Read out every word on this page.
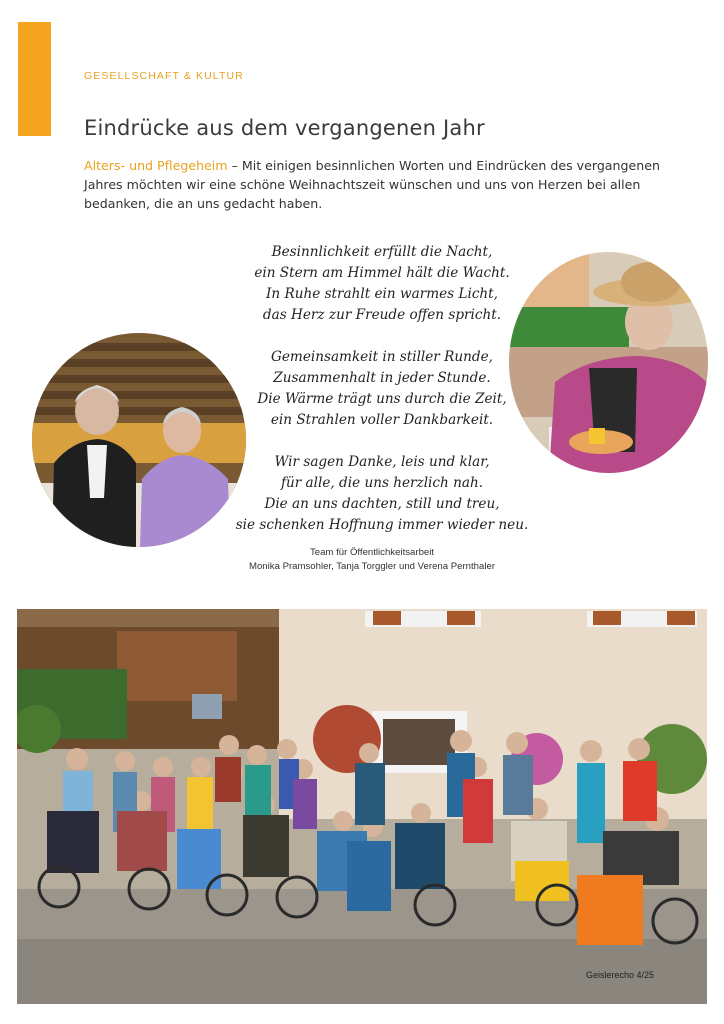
GESELLSCHAFT & KULTUR
Eindrücke aus dem vergangenen Jahr
Alters- und Pflegeheim – Mit einigen besinnlichen Worten und Eindrücken des vergangenen Jahres möchten wir eine schöne Weihnachtszeit wünschen und uns von Herzen bei allen bedanken, die an uns gedacht haben.
Besinnlichkeit erfüllt die Nacht,
ein Stern am Himmel hält die Wacht.
In Ruhe strahlt ein warmes Licht,
das Herz zur Freude offen spricht.
Gemeinsamkeit in stiller Runde,
Zusammenhalt in jeder Stunde.
Die Wärme trägt uns durch die Zeit,
ein Strahlen voller Dankbarkeit.
Wir sagen Danke, leis und klar,
für alle, die uns herzlich nah.
Die an uns dachten, still und treu,
sie schenken Hoffnung immer wieder neu.
Team für Öffentlichkeitsarbeit
Monika Pramsohler, Tanja Torggler und Verena Pernthaler
Geislerecho 4/25
